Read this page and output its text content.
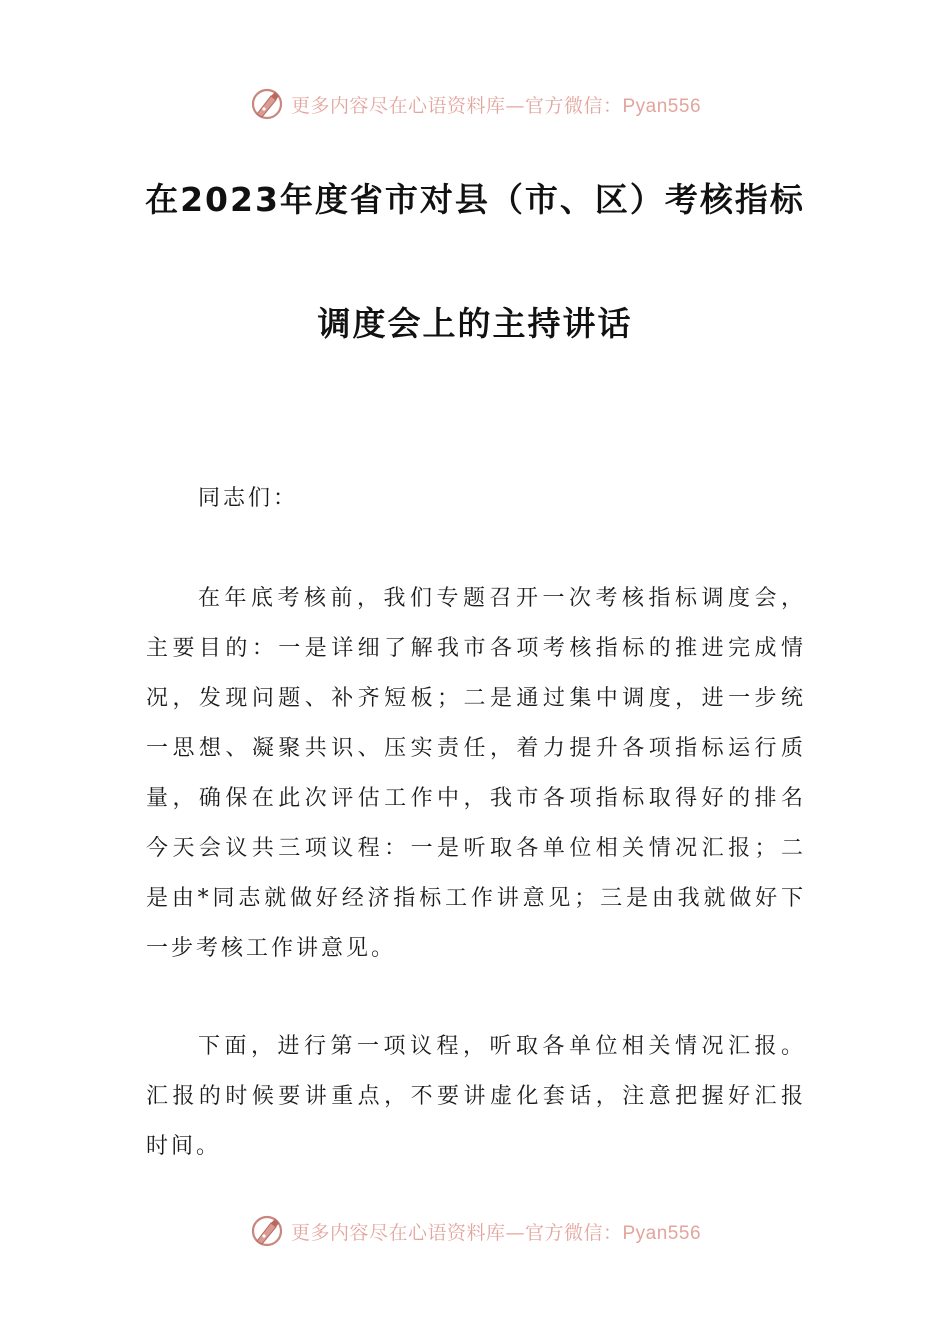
更多内容尽在心语资料库—官方微信：Pyan556
在2023年度省市对县（市、区）考核指标
调度会上的主持讲话
同志们：
在年底考核前，我们专题召开一次考核指标调度会，
主要目的：一是详细了解我市各项考核指标的推进完成情
况，发现问题、补齐短板；二是通过集中调度，进一步统
一思想、凝聚共识、压实责任，着力提升各项指标运行质
量，确保在此次评估工作中，我市各项指标取得好的排名
今天会议共三项议程：一是听取各单位相关情况汇报；二
是由*同志就做好经济指标工作讲意见；三是由我就做好下
一步考核工作讲意见。
下面，进行第一项议程，听取各单位相关情况汇报。
汇报的时候要讲重点，不要讲虚化套话，注意把握好汇报
时间。
更多内容尽在心语资料库—官方微信：Pyan556
